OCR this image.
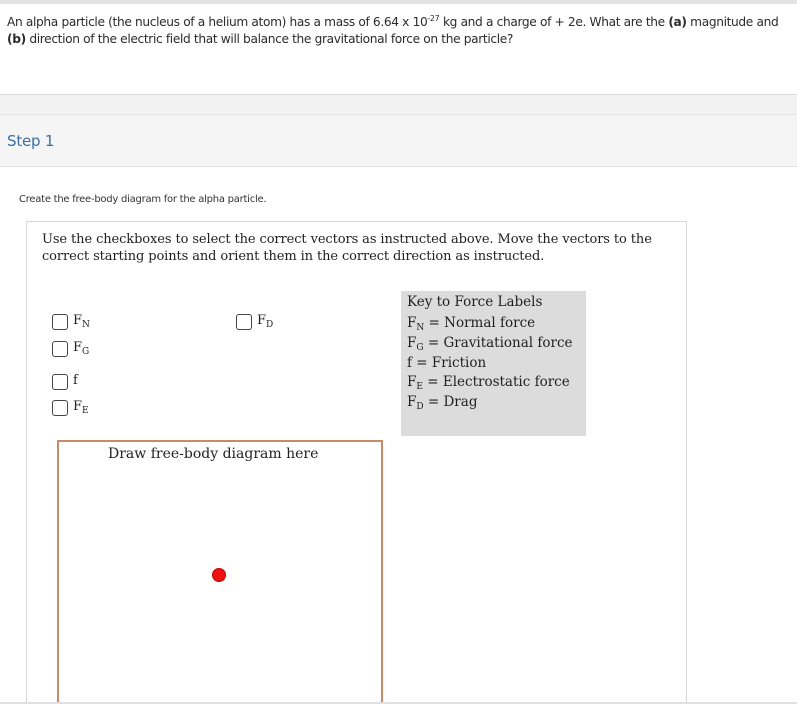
An alpha particle (the nucleus of a helium atom) has a mass of 6.64 x $10^{-27}$ kg and a charge of + 2e. What are the (a) magnitude and (b) direction of the electric field that will balance the gravitational force on the particle?

Step 1
Create the free-body diagram for the alpha particle.
Use the checkboxes to select the correct vectors as instructed above. Move the vectors to the correct starting points and orient them in the correct direction as instructed.
$F_N$
$F_G$
f
$F_E$
$F_D$
Key to Force Labels
$F_N$ = Normal force
$F_G$ = Gravitational force
f = Friction
$F_E$ = Electrostatic force
$F_D$ = Drag
Draw free-body diagram here
